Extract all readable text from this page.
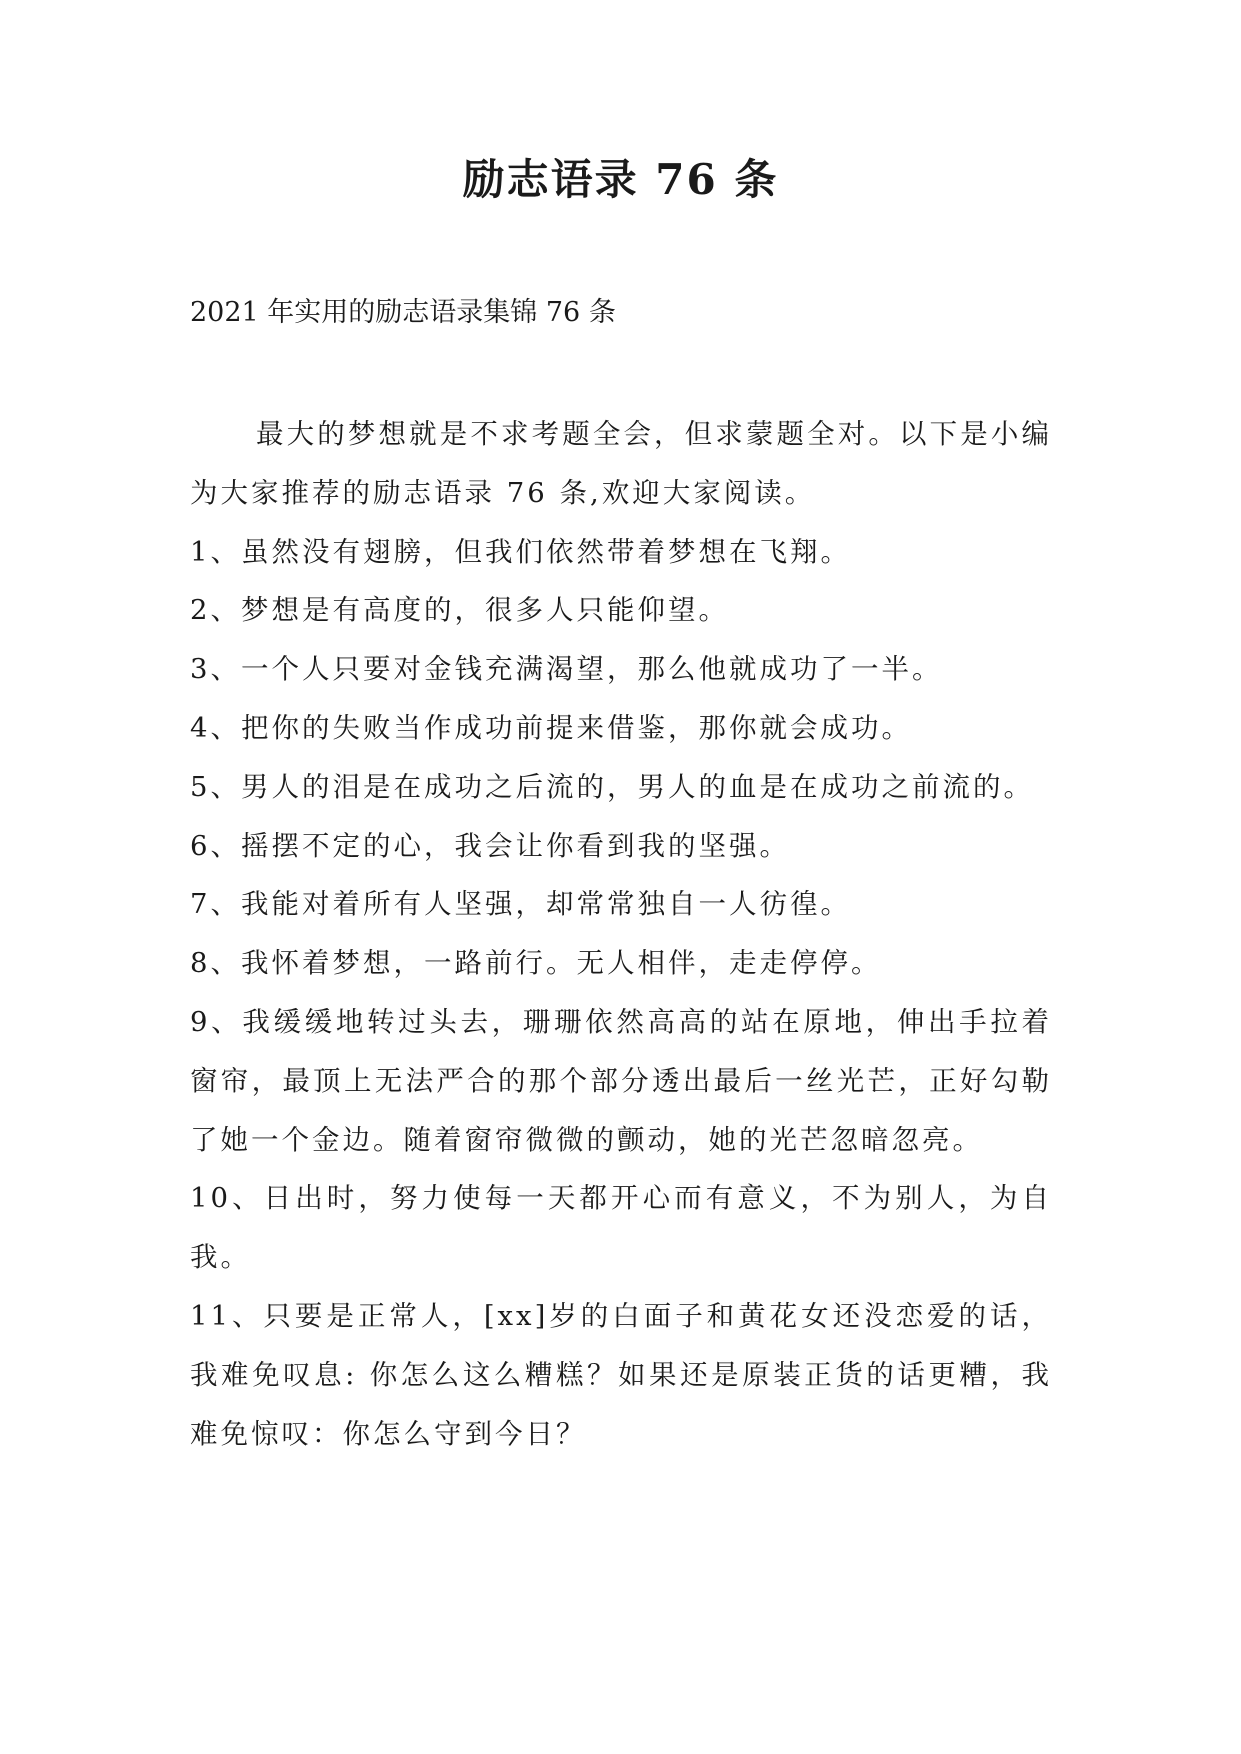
励志语录 76 条

2021 年实用的励志语录集锦 76 条

最大的梦想就是不求考题全会，但求蒙题全对。以下是小编为大家推荐的励志语录 76 条,欢迎大家阅读。

1、虽然没有翅膀，但我们依然带着梦想在飞翔。

2、梦想是有高度的，很多人只能仰望。

3、一个人只要对金钱充满渴望，那么他就成功了一半。

4、把你的失败当作成功前提来借鉴，那你就会成功。

5、男人的泪是在成功之后流的，男人的血是在成功之前流的。

6、摇摆不定的心，我会让你看到我的坚强。

7、我能对着所有人坚强，却常常独自一人彷徨。

8、我怀着梦想，一路前行。无人相伴，走走停停。

9、我缓缓地转过头去，珊珊依然高高的站在原地，伸出手拉着窗帘，最顶上无法严合的那个部分透出最后一丝光芒，正好勾勒了她一个金边。随着窗帘微微的颤动，她的光芒忽暗忽亮。

10、日出时，努力使每一天都开心而有意义，不为别人，为自我。

11、只要是正常人，[xx]岁的白面子和黄花女还没恋爱的话，我难免叹息: 你怎么这么糟糕？如果还是原装正货的话更糟，我难免惊叹：你怎么守到今日？
